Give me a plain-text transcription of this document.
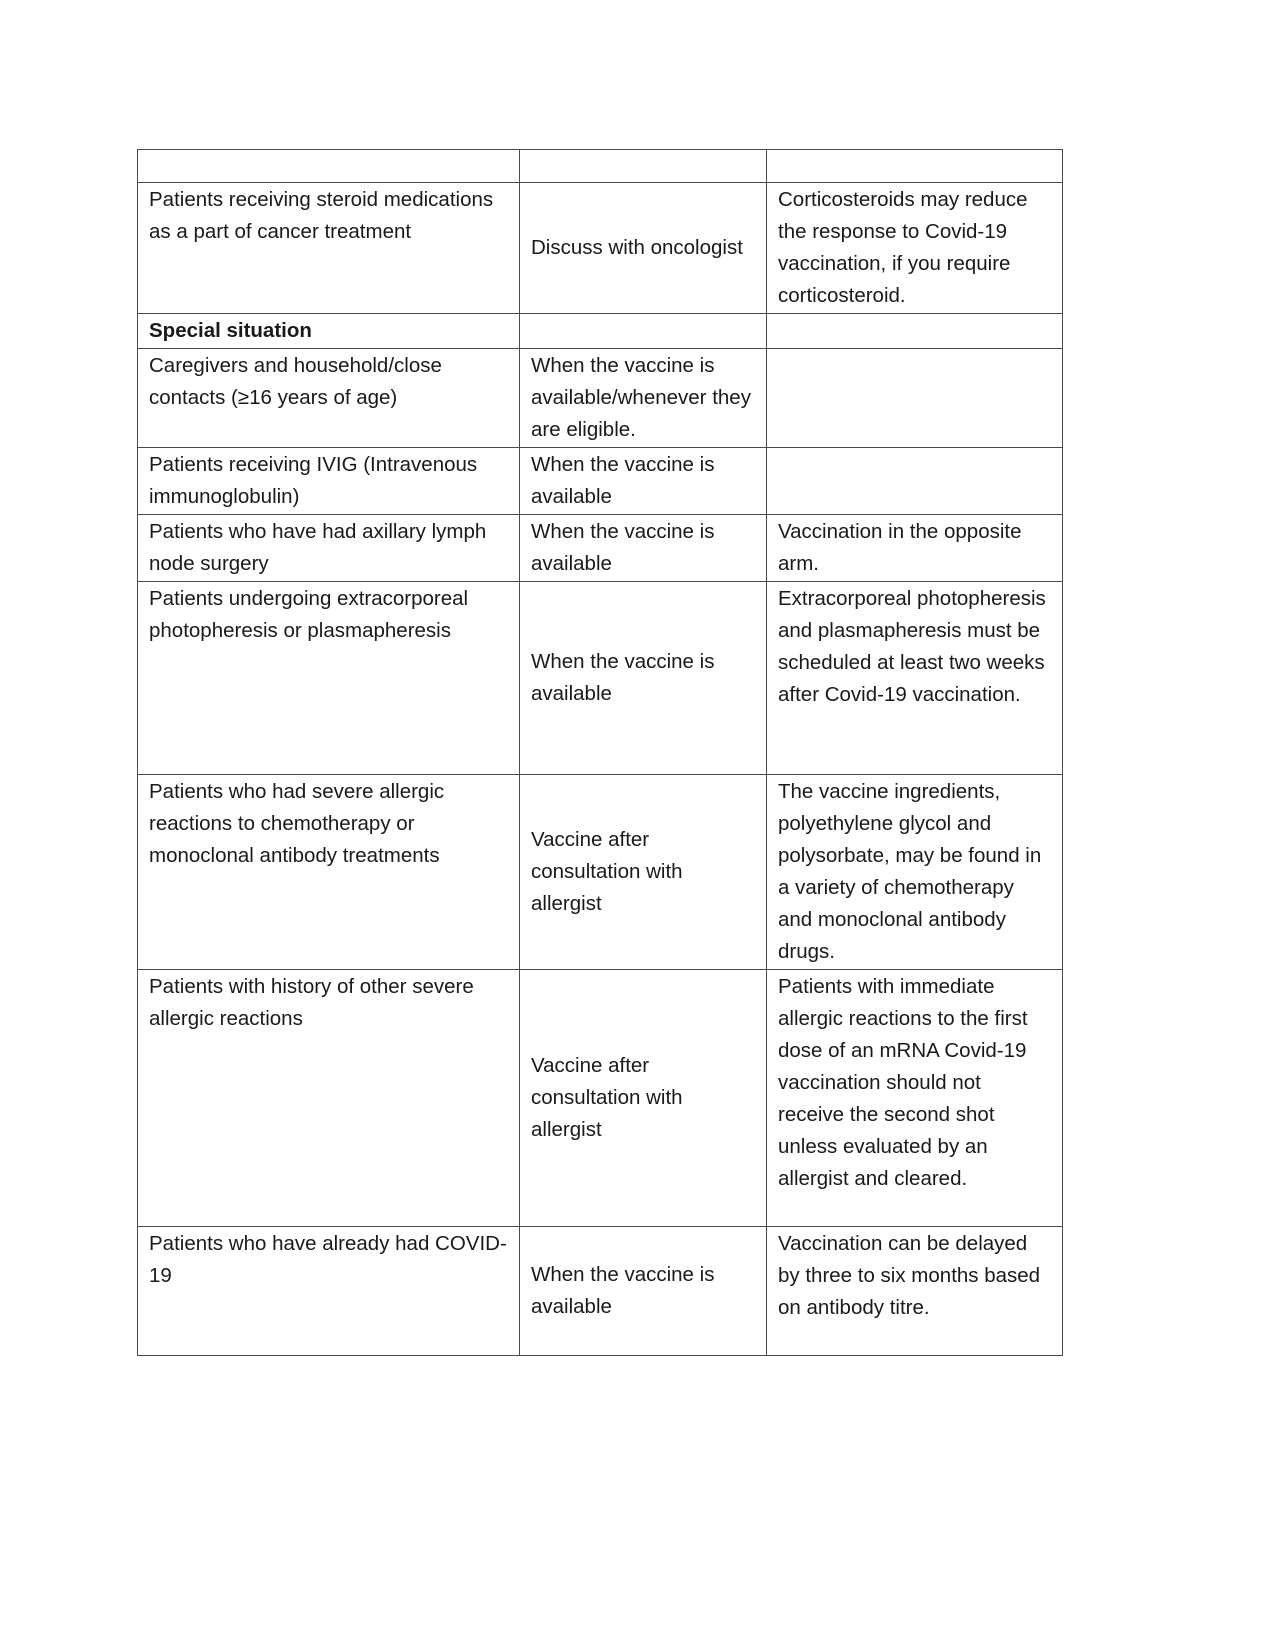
Patients receiving steroid medications as a part of cancer treatment	Discuss with oncologist	Corticosteroids may reduce the response to Covid-19 vaccination, if you require corticosteroid.
Special situation		
Caregivers and household/close contacts (≥16 years of age)	When the vaccine is available/whenever they are eligible.	
Patients receiving IVIG (Intravenous immunoglobulin)	When the vaccine is available	
Patients who have had axillary lymph node surgery	When the vaccine is available	Vaccination in the opposite arm.
Patients undergoing extracorporeal photopheresis or plasmapheresis	When the vaccine is available	Extracorporeal photopheresis and plasmapheresis must be scheduled at least two weeks after Covid-19 vaccination.
Patients who had severe allergic reactions to chemotherapy or monoclonal antibody treatments	Vaccine after consultation with allergist	The vaccine ingredients, polyethylene glycol and polysorbate, may be found in a variety of chemotherapy and monoclonal antibody drugs.
Patients with history of other severe allergic reactions	Vaccine after consultation with allergist	Patients with immediate allergic reactions to the first dose of an mRNA Covid-19 vaccination should not receive the second shot unless evaluated by an allergist and cleared.
Patients who have already had COVID-19	When the vaccine is available	Vaccination can be delayed by three to six months based on antibody titre.
